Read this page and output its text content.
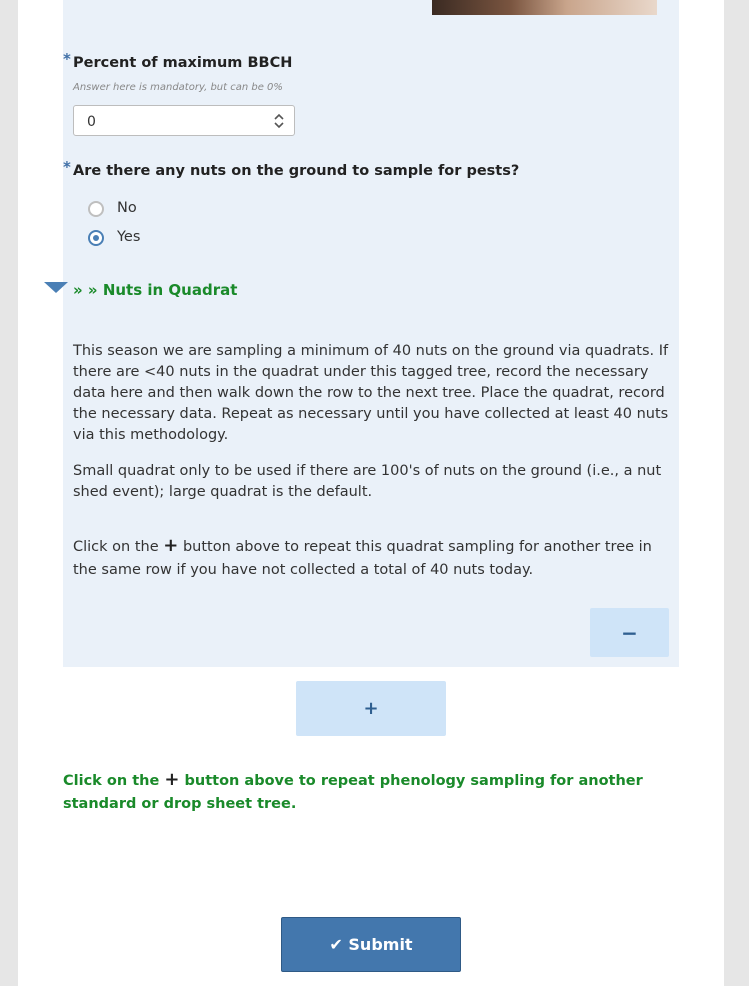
* Percent of maximum BBCH
Answer here is mandatory, but can be 0%
0
* Are there any nuts on the ground to sample for pests?
No
Yes
» » Nuts in Quadrat

This season we are sampling a minimum of 40 nuts on the ground via quadrats. If there are <40 nuts in the quadrat under this tagged tree, record the necessary data here and then walk down the row to the next tree. Place the quadrat, record the necessary data. Repeat as necessary until you have collected at least 40 nuts via this methodology.

Small quadrat only to be used if there are 100's of nuts on the ground (i.e., a nut shed event); large quadrat is the default.

Click on the + button above to repeat this quadrat sampling for another tree in the same row if you have not collected a total of 40 nuts today.

−
+

Click on the + button above to repeat phenology sampling for another standard or drop sheet tree.

✔ Submit
